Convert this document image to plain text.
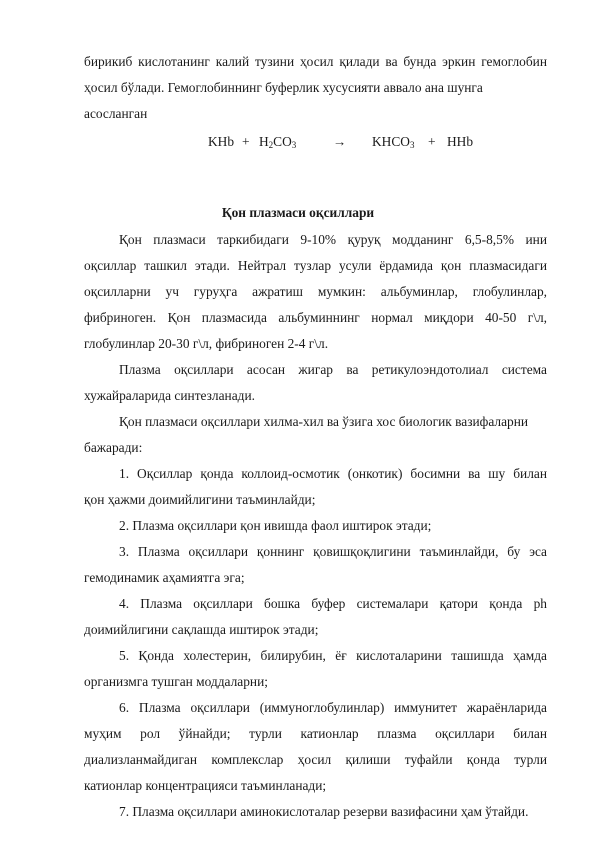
бирикиб кислотанинг калий тузини ҳосил қилади ва бунда эркин гемоглобин
ҳосил бўлади. Гемоглобиннинг буферлик хусусияти аввало ана шунга
асосланган
KHb + $H_2CO_3$	→ $KHCO_3$ + HHb
Қон плазмаси оқсиллари
Қон плазмаси таркибидаги 9-10% қуруқ модданинг 6,5-8,5% ини
оқсиллар ташкил этади. Нейтрал тузлар усули ёрдамида қон плазмасидаги
оқсилларни уч гуруҳга ажратиш мумкин: альбуминлар, глобулинлар,
фибриноген. Қон плазмасида альбуминнинг нормал миқдори 40-50 г\л,
глобулинлар 20-30 г\л, фибриноген 2-4 г\л.
Плазма оқсиллари асосан жигар ва ретикулоэндотолиал система
хужайраларида синтезланади.
Қон плазмаси оқсиллари хилма-хил ва ўзига хос биологик вазифаларни
бажаради:
1. Оқсиллар қонда коллоид-осмотик (онкотик) босимни ва шу билан
қон ҳажми доимийлигини таъминлайди;
2. Плазма оқсиллари қон ивишда фаол иштирок этади;
3. Плазма оқсиллари қоннинг қовишқоқлигини таъминлайди, бу эса
гемодинамик аҳамиятга эга;
4. Плазма оқсиллари бошка буфер системалари қатори қонда ph
доимийлигини сақлашда иштирок этади;
5. Қонда холестерин, билирубин, ёғ кислоталарини ташишда ҳамда
организмга тушган моддаларни;
6. Плазма оқсиллари (иммуноглобулинлар) иммунитет жараёнларида
муҳим рол ўйнайди; турли катионлар плазма оқсиллари билан
диализланмайдиган комплекслар ҳосил қилиши туфайли қонда турли
катионлар концентрацияси таъминланади;
7. Плазма оқсиллари аминокислоталар резерви вазифасини ҳам ўтайди.
